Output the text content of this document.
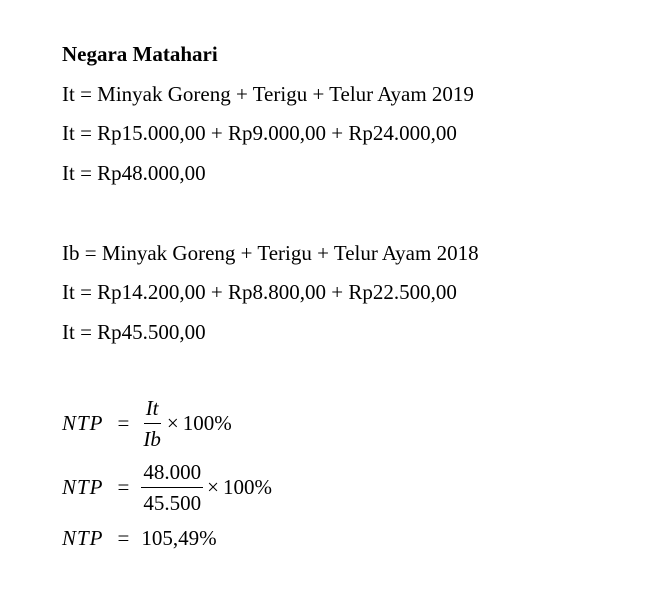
Negara Matahari
It = Minyak Goreng + Terigu + Telur Ayam 2019
It = Rp15.000,00 + Rp9.000,00 + Rp24.000,00
It = Rp48.000,00
Ib = Minyak Goreng + Terigu + Telur Ayam 2018
It = Rp14.200,00 + Rp8.800,00 + Rp22.500,00
It = Rp45.500,00
NTP = $\frac{It}{Ib} \times 100\%$
NTP = $\frac{48.000}{45.500} \times 100\%$
NTP = 105,49%
